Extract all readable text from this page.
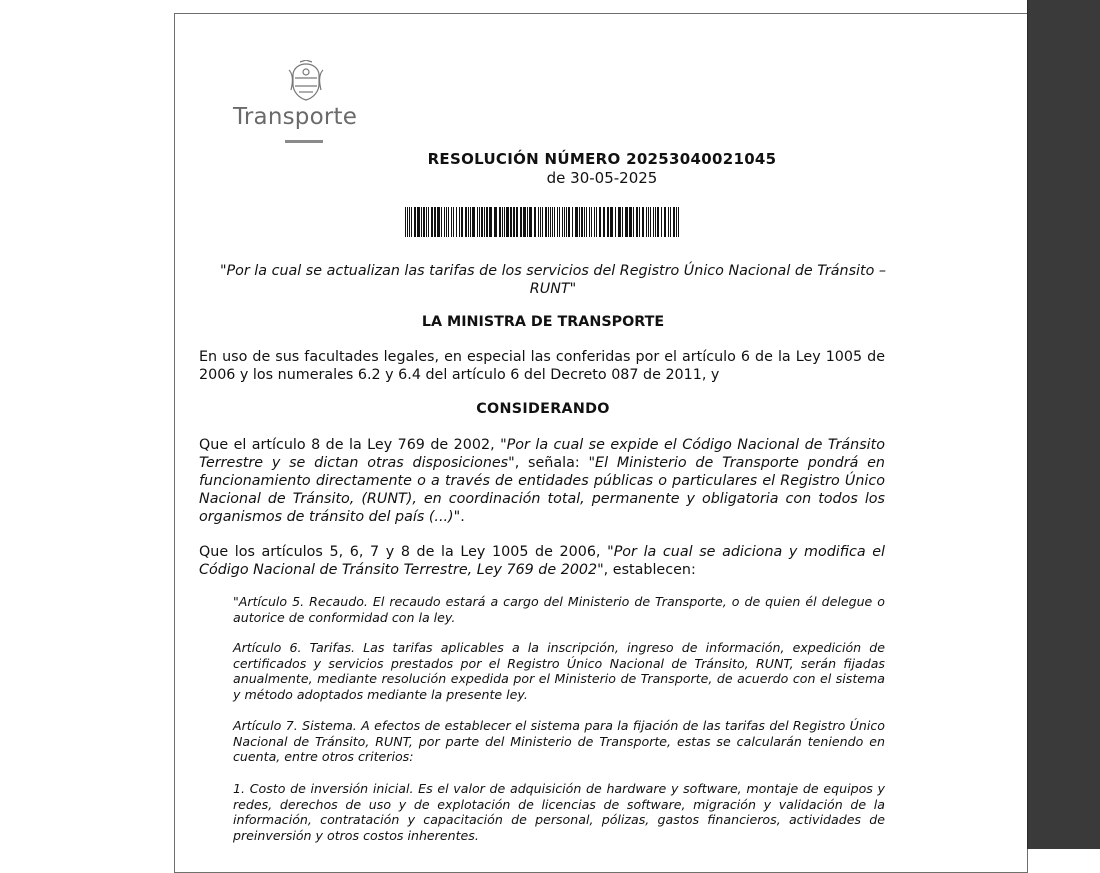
Transporte
RESOLUCIÓN NÚMERO 20253040021045
de 30-05-2025
"Por la cual se actualizan las tarifas de los servicios del Registro Único Nacional de Tránsito – RUNT"
LA MINISTRA DE TRANSPORTE
En uso de sus facultades legales, en especial las conferidas por el artículo 6 de la Ley 1005 de 2006 y los numerales 6.2 y 6.4 del artículo 6 del Decreto 087 de 2011, y
CONSIDERANDO
Que el artículo 8 de la Ley 769 de 2002, "Por la cual se expide el Código Nacional de Tránsito Terrestre y se dictan otras disposiciones", señala: "El Ministerio de Transporte pondrá en funcionamiento directamente o a través de entidades públicas o particulares el Registro Único Nacional de Tránsito, (RUNT), en coordinación total, permanente y obligatoria con todos los organismos de tránsito del país (...)".
Que los artículos 5, 6, 7 y 8 de la Ley 1005 de 2006, "Por la cual se adiciona y modifica el Código Nacional de Tránsito Terrestre, Ley 769 de 2002", establecen:
"Artículo 5. Recaudo. El recaudo estará a cargo del Ministerio de Transporte, o de quien él delegue o autorice de conformidad con la ley.
Artículo 6. Tarifas. Las tarifas aplicables a la inscripción, ingreso de información, expedición de certificados y servicios prestados por el Registro Único Nacional de Tránsito, RUNT, serán fijadas anualmente, mediante resolución expedida por el Ministerio de Transporte, de acuerdo con el sistema y método adoptados mediante la presente ley.
Artículo 7. Sistema. A efectos de establecer el sistema para la fijación de las tarifas del Registro Único Nacional de Tránsito, RUNT, por parte del Ministerio de Transporte, estas se calcularán teniendo en cuenta, entre otros criterios:
1. Costo de inversión inicial. Es el valor de adquisición de hardware y software, montaje de equipos y redes, derechos de uso y de explotación de licencias de software, migración y validación de la información, contratación y capacitación de personal, pólizas, gastos financieros, actividades de preinversión y otros costos inherentes.
